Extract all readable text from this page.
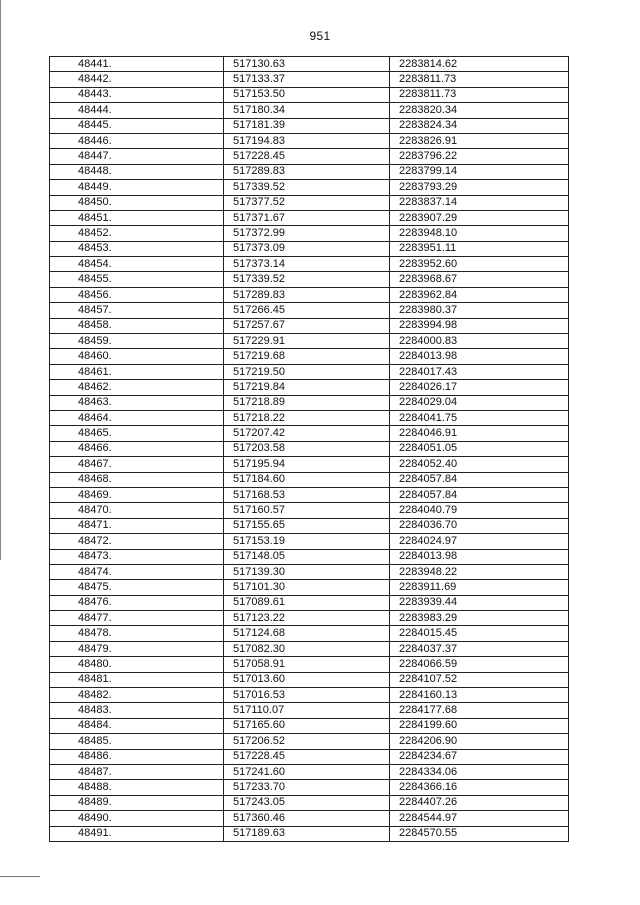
951
48441.	517130.63	2283814.62
48442.	517133.37	2283811.73
48443.	517153.50	2283811.73
48444.	517180.34	2283820.34
48445.	517181.39	2283824.34
48446.	517194.83	2283826.91
48447.	517228.45	2283796.22
48448.	517289.83	2283799.14
48449.	517339.52	2283793.29
48450.	517377.52	2283837.14
48451.	517371.67	2283907.29
48452.	517372.99	2283948.10
48453.	517373.09	2283951.11
48454.	517373.14	2283952.60
48455.	517339.52	2283968.67
48456.	517289.83	2283962.84
48457.	517266.45	2283980.37
48458.	517257.67	2283994.98
48459.	517229.91	2284000.83
48460.	517219.68	2284013.98
48461.	517219.50	2284017.43
48462.	517219.84	2284026.17
48463.	517218.89	2284029.04
48464.	517218.22	2284041.75
48465.	517207.42	2284046.91
48466.	517203.58	2284051.05
48467.	517195.94	2284052.40
48468.	517184.60	2284057.84
48469.	517168.53	2284057.84
48470.	517160.57	2284040.79
48471.	517155.65	2284036.70
48472.	517153.19	2284024.97
48473.	517148.05	2284013.98
48474.	517139.30	2283948.22
48475.	517101.30	2283911.69
48476.	517089.61	2283939.44
48477.	517123.22	2283983.29
48478.	517124.68	2284015.45
48479.	517082.30	2284037.37
48480.	517058.91	2284066.59
48481.	517013.60	2284107.52
48482.	517016.53	2284160.13
48483.	517110.07	2284177.68
48484.	517165.60	2284199.60
48485.	517206.52	2284206.90
48486.	517228.45	2284234.67
48487.	517241.60	2284334.06
48488.	517233.70	2284366.16
48489.	517243.05	2284407.26
48490.	517360.46	2284544.97
48491.	517189.63	2284570.55
